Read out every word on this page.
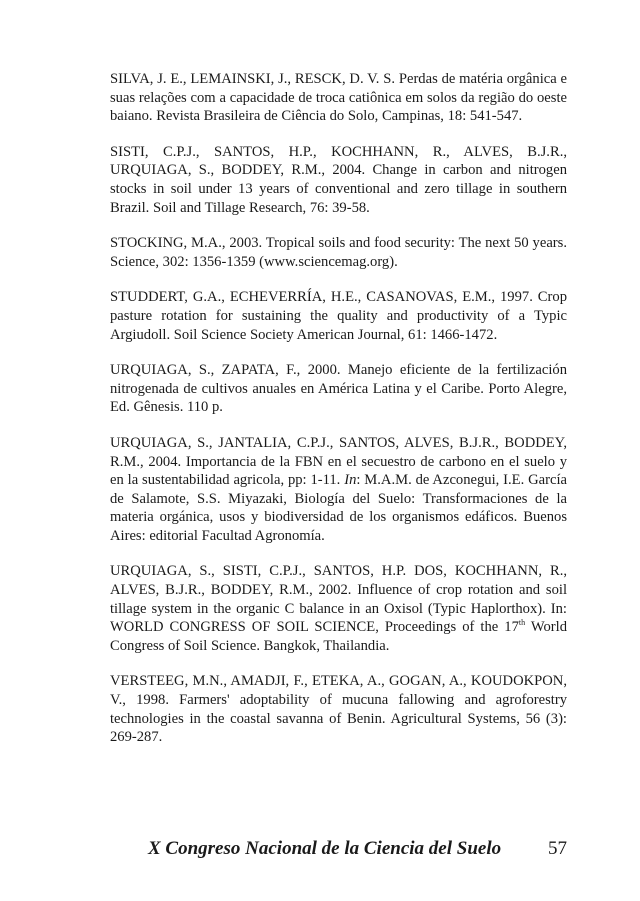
SILVA, J. E., LEMAINSKI, J., RESCK, D. V. S. Perdas de matéria orgânica e suas relações com a capacidade de troca catiônica em solos da região do oeste baiano. Revista Brasileira de Ciência do Solo, Campinas, 18: 541-547.

SISTI, C.P.J., SANTOS, H.P., KOCHHANN, R., ALVES, B.J.R., URQUIAGA, S., BODDEY, R.M., 2004. Change in carbon and nitrogen stocks in soil under 13 years of conventional and zero tillage in southern Brazil. Soil and Tillage Research, 76: 39-58.

STOCKING, M.A., 2003. Tropical soils and food security: The next 50 years. Science, 302: 1356-1359 (www.sciencemag.org).

STUDDERT, G.A., ECHEVERRÍA, H.E., CASANOVAS, E.M., 1997. Crop pasture rotation for sustaining the quality and productivity of a Typic Argiudoll. Soil Science Society American Journal, 61: 1466-1472.

URQUIAGA, S., ZAPATA, F., 2000. Manejo eficiente de la fertilización nitrogenada de cultivos anuales en América Latina y el Caribe. Porto Alegre, Ed. Gênesis. 110 p.

URQUIAGA, S., JANTALIA, C.P.J., SANTOS, ALVES, B.J.R., BODDEY, R.M., 2004. Importancia de la FBN en el secuestro de carbono en el suelo y en la sustentabilidad agricola, pp: 1-11. In: M.A.M. de Azconegui, I.E. García de Salamote, S.S. Miyazaki, Biología del Suelo: Transformaciones de la materia orgánica, usos y biodiversidad de los organismos edáficos. Buenos Aires: editorial Facultad Agronomía.

URQUIAGA, S., SISTI, C.P.J., SANTOS, H.P. DOS, KOCHHANN, R., ALVES, B.J.R., BODDEY, R.M., 2002. Influence of crop rotation and soil tillage system in the organic C balance in an Oxisol (Typic Haplorthox). In: WORLD CONGRESS OF SOIL SCIENCE, Proceedings of the 17th World Congress of Soil Science. Bangkok, Thailandia.

VERSTEEG, M.N., AMADJI, F., ETEKA, A., GOGAN, A., KOUDOKPON, V., 1998. Farmers' adoptability of mucuna fallowing and agroforestry technologies in the coastal savanna of Benin. Agricultural Systems, 56 (3): 269-287.

X Congreso Nacional de la Ciencia del Suelo 57
